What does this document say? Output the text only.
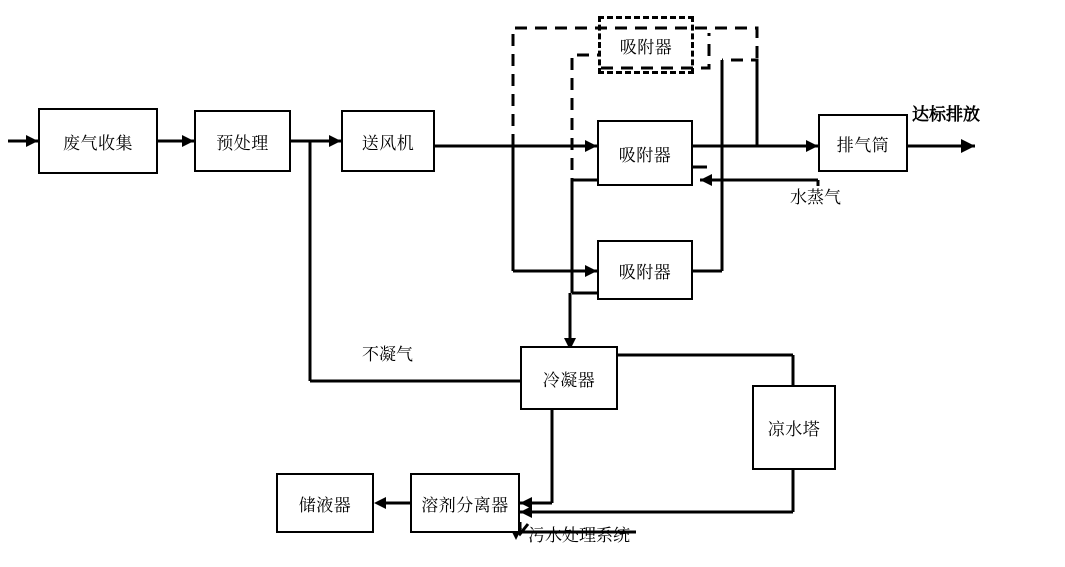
吸附器
废气收集	预处理	送风机
吸附器
吸附器
排气筒
冷凝器
凉水塔
溶剂分离器
储液器
达标排放
水蒸气
不凝气
污水处理系统
